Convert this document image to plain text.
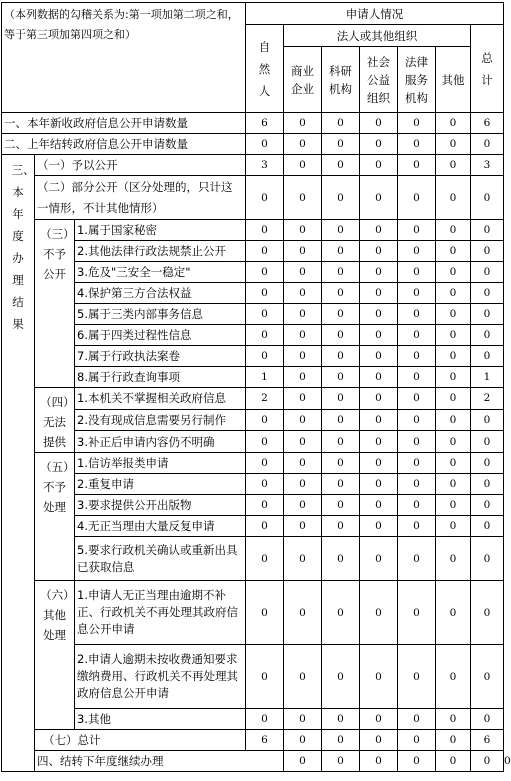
（本列数据的勾稽关系为:第一项加第二项之和，等于第三项加第四项之和）			申请人情况							
			自然人	法人或其他组织					总计	
				商业企业	科研机构	社会公益组织	法律服务机构	其他		
一、本年新收政府信息公开申请数量			6	0	0	0	0	0	6	
二、上年结转政府信息公开申请数量			0	0	0	0	0	0	0	
三、本年度办理结果	（一）予以公开		3	0	0	0	0	0	3	
	（二）部分公开（区分处理的，只计这一情形，不计其他情形）		0	0	0	0	0	0	0	
	（三）不予公开	1.属于国家秘密	0	0	0	0	0	0	0	
		2.其他法律行政法规禁止公开	0	0	0	0	0	0	0	
		3.危及"三安全一稳定"	0	0	0	0	0	0	0	
		4.保护第三方合法权益	0	0	0	0	0	0	0	
		5.属于三类内部事务信息	0	0	0	0	0	0	0	
		6.属于四类过程性信息	0	0	0	0	0	0	0	
		7.属于行政执法案卷	0	0	0	0	0	0	0	
		8.属于行政查询事项	1	0	0	0	0	0	1	
	（四）无法提供	1.本机关不掌握相关政府信息	2	0	0	0	0	0	2	
		2.没有现成信息需要另行制作	0	0	0	0	0	0	0	
		3.补正后申请内容仍不明确	0	0	0	0	0	0	0	
	（五）不予处理	1.信访举报类申请	0	0	0	0	0	0	0	
		2.重复申请	0	0	0	0	0	0	0	
		3.要求提供公开出版物	0	0	0	0	0	0	0	
		4.无正当理由大量反复申请	0	0	0	0	0	0	0	
		5.要求行政机关确认或重新出具已获取信息	0	0	0	0	0	0	0	
	（六）其他处理	1.申请人无正当理由逾期不补正、行政机关不再处理其政府信息公开申请	0	0	0	0	0	0	0	
		2.申请人逾期未按收费通知要求缴纳费用、行政机关不再处理其政府信息公开申请	0	0	0	0	0	0	0	
		3.其他	0	0	0	0	0	0	0	
	（七）总计		6	0	0	0	0	0	6	
	四、结转下年度继续办理			0	0	0	0	0	0	0
